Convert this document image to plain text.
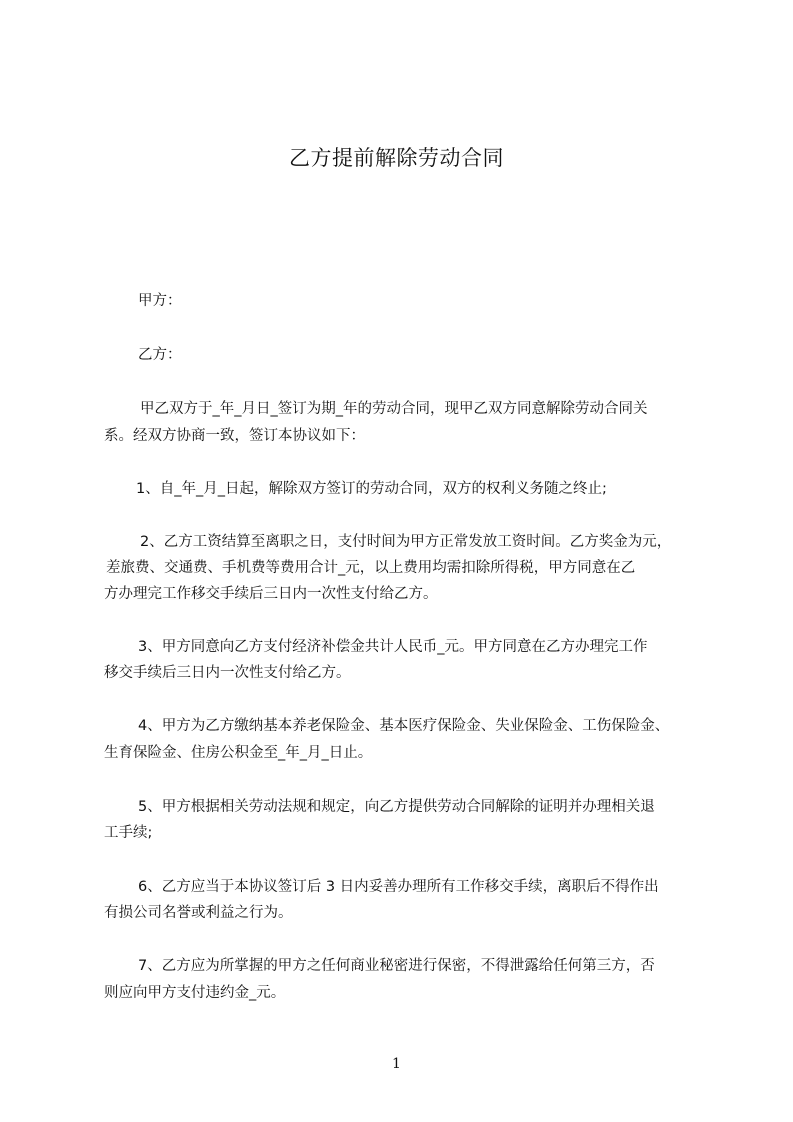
乙方提前解除劳动合同
甲方：
乙方：
甲乙双方于_年_月日_签订为期_年的劳动合同，现甲乙双方同意解除劳动合同关
系。经双方协商一致，签订本协议如下：
1、自_年_月_日起，解除双方签订的劳动合同，双方的权利义务随之终止;
2、乙方工资结算至离职之日，支付时间为甲方正常发放工资时间。乙方奖金为元，
差旅费、交通费、手机费等费用合计_元，以上费用均需扣除所得税，甲方同意在乙
方办理完工作移交手续后三日内一次性支付给乙方。
3、甲方同意向乙方支付经济补偿金共计人民币_元。甲方同意在乙方办理完工作
移交手续后三日内一次性支付给乙方。
4、甲方为乙方缴纳基本养老保险金、基本医疗保险金、失业保险金、工伤保险金、
生育保险金、住房公积金至_年_月_日止。
5、甲方根据相关劳动法规和规定，向乙方提供劳动合同解除的证明并办理相关退
工手续;
6、乙方应当于本协议签订后 3 日内妥善办理所有工作移交手续，离职后不得作出
有损公司名誉或利益之行为。
7、乙方应为所掌握的甲方之任何商业秘密进行保密，不得泄露给任何第三方，否
则应向甲方支付违约金_元。
1
